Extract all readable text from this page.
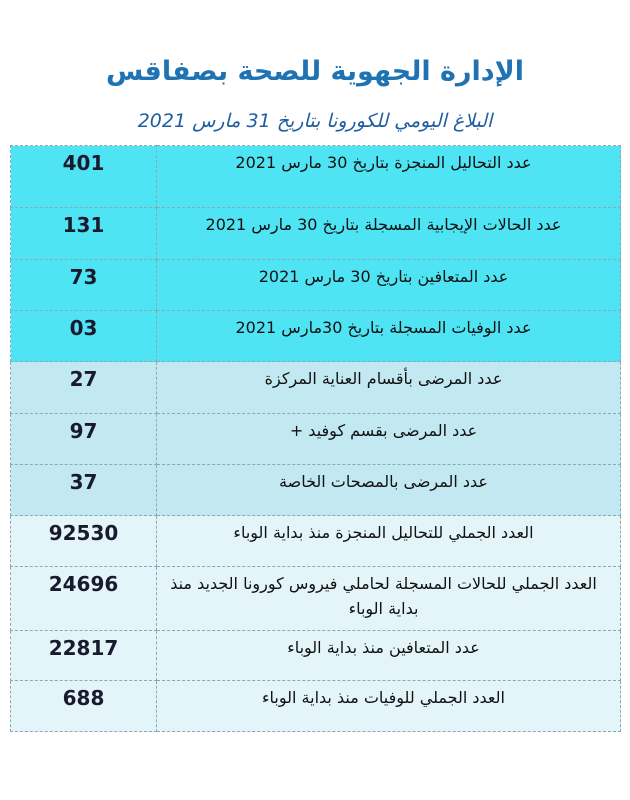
الإدارة الجهوية للصحة بصفاقس
البلاغ اليومي للكورونا بتاريخ 31 مارس 2021
401	عدد التحاليل المنجزة بتاريخ 30 مارس 2021
131	عدد الحالات الإيجابية المسجلة بتاريخ 30 مارس 2021
73	عدد المتعافين بتاريخ 30 مارس 2021
03	عدد الوفيات المسجلة بتاريخ 30مارس 2021
27	عدد المرضى بأقسام العناية المركزة
97	عدد المرضى بقسم كوفيد +
37	عدد المرضى بالمصحات الخاصة
92530	العدد الجملي للتحاليل المنجزة منذ بداية الوباء
24696	العدد الجملي للحالات المسجلة لحاملي فيروس كورونا الجديد منذ بداية الوباء
22817	عدد المتعافين منذ بداية الوباء
688	العدد الجملي للوفيات منذ بداية الوباء
